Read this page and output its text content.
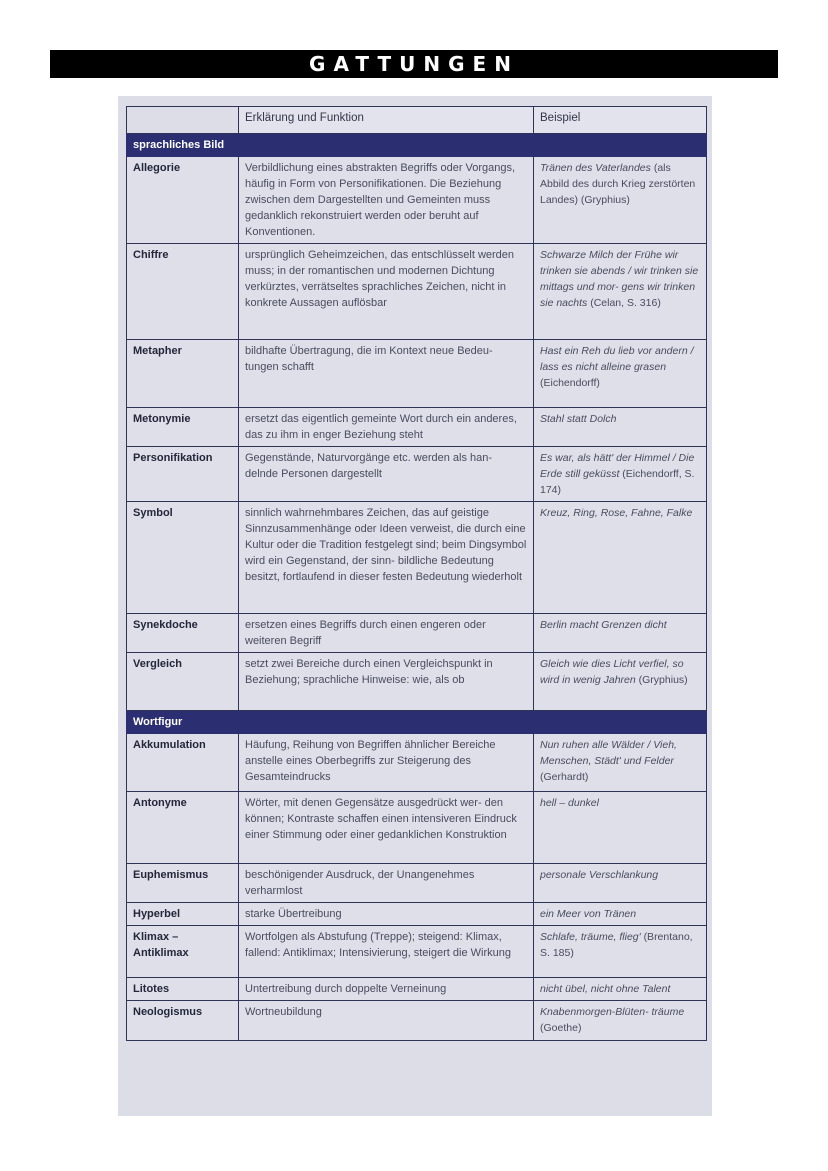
GATTUNGEN
	Erklärung und Funktion	Beispiel
sprachliches Bild		
Allegorie	Verbildlichung eines abstrakten Begriffs oder Vorgangs, häufig in Form von Personifikationen. Die Beziehung zwischen dem Dargestellten und Gemeinten muss gedanklich rekonstruiert werden oder beruht auf Konventionen.	Tränen des Vaterlandes (als Abbild des durch Krieg zerstörten Landes) (Gryphius)
Chiffre	ursprünglich Geheimzeichen, das entschlüsselt werden muss; in der romantischen und modernen Dichtung verkürztes, verrätseltes sprachliches Zeichen, nicht in konkrete Aussagen auflösbar	Schwarze Milch der Frühe wir trinken sie abends / wir trinken sie mittags und mor- gens wir trinken sie nachts (Celan, S. 316)
Metapher	bildhafte Übertragung, die im Kontext neue Bedeu- tungen schafft	Hast ein Reh du lieb vor andern / lass es nicht alleine grasen (Eichendorff)
Metonymie	ersetzt das eigentlich gemeinte Wort durch ein anderes, das zu ihm in enger Beziehung steht	Stahl statt Dolch
Personifikation	Gegenstände, Naturvorgänge etc. werden als han- delnde Personen dargestellt	Es war, als hätt' der Himmel / Die Erde still geküsst (Eichendorff, S. 174)
Symbol	sinnlich wahrnehmbares Zeichen, das auf geistige Sinnzusammenhänge oder Ideen verweist, die durch eine Kultur oder die Tradition festgelegt sind; beim Dingsymbol wird ein Gegenstand, der sinn- bildliche Bedeutung besitzt, fortlaufend in dieser festen Bedeutung wiederholt	Kreuz, Ring, Rose, Fahne, Falke
Synekdoche	ersetzen eines Begriffs durch einen engeren oder weiteren Begriff	Berlin macht Grenzen dicht
Vergleich	setzt zwei Bereiche durch einen Vergleichspunkt in Beziehung; sprachliche Hinweise: wie, als ob	Gleich wie dies Licht verfiel, so wird in wenig Jahren (Gryphius)
Wortfigur		
Akkumulation	Häufung, Reihung von Begriffen ähnlicher Bereiche anstelle eines Oberbegriffs zur Steigerung des Gesamteindrucks	Nun ruhen alle Wälder / Vieh, Menschen, Städt' und Felder (Gerhardt)
Antonyme	Wörter, mit denen Gegensätze ausgedrückt wer- den können; Kontraste schaffen einen intensiveren Eindruck einer Stimmung oder einer gedanklichen Konstruktion	hell – dunkel
Euphemismus	beschönigender Ausdruck, der Unangenehmes verharmlost	personale Verschlankung
Hyperbel	starke Übertreibung	ein Meer von Tränen
Klimax – Antiklimax	Wortfolgen als Abstufung (Treppe); steigend: Klimax, fallend: Antiklimax; Intensivierung, steigert die Wirkung	Schlafe, träume, flieg' (Brentano, S. 185)
Litotes	Untertreibung durch doppelte Verneinung	nicht übel, nicht ohne Talent
Neologismus	Wortneubildung	Knabenmorgen-Blüten- träume (Goethe)
